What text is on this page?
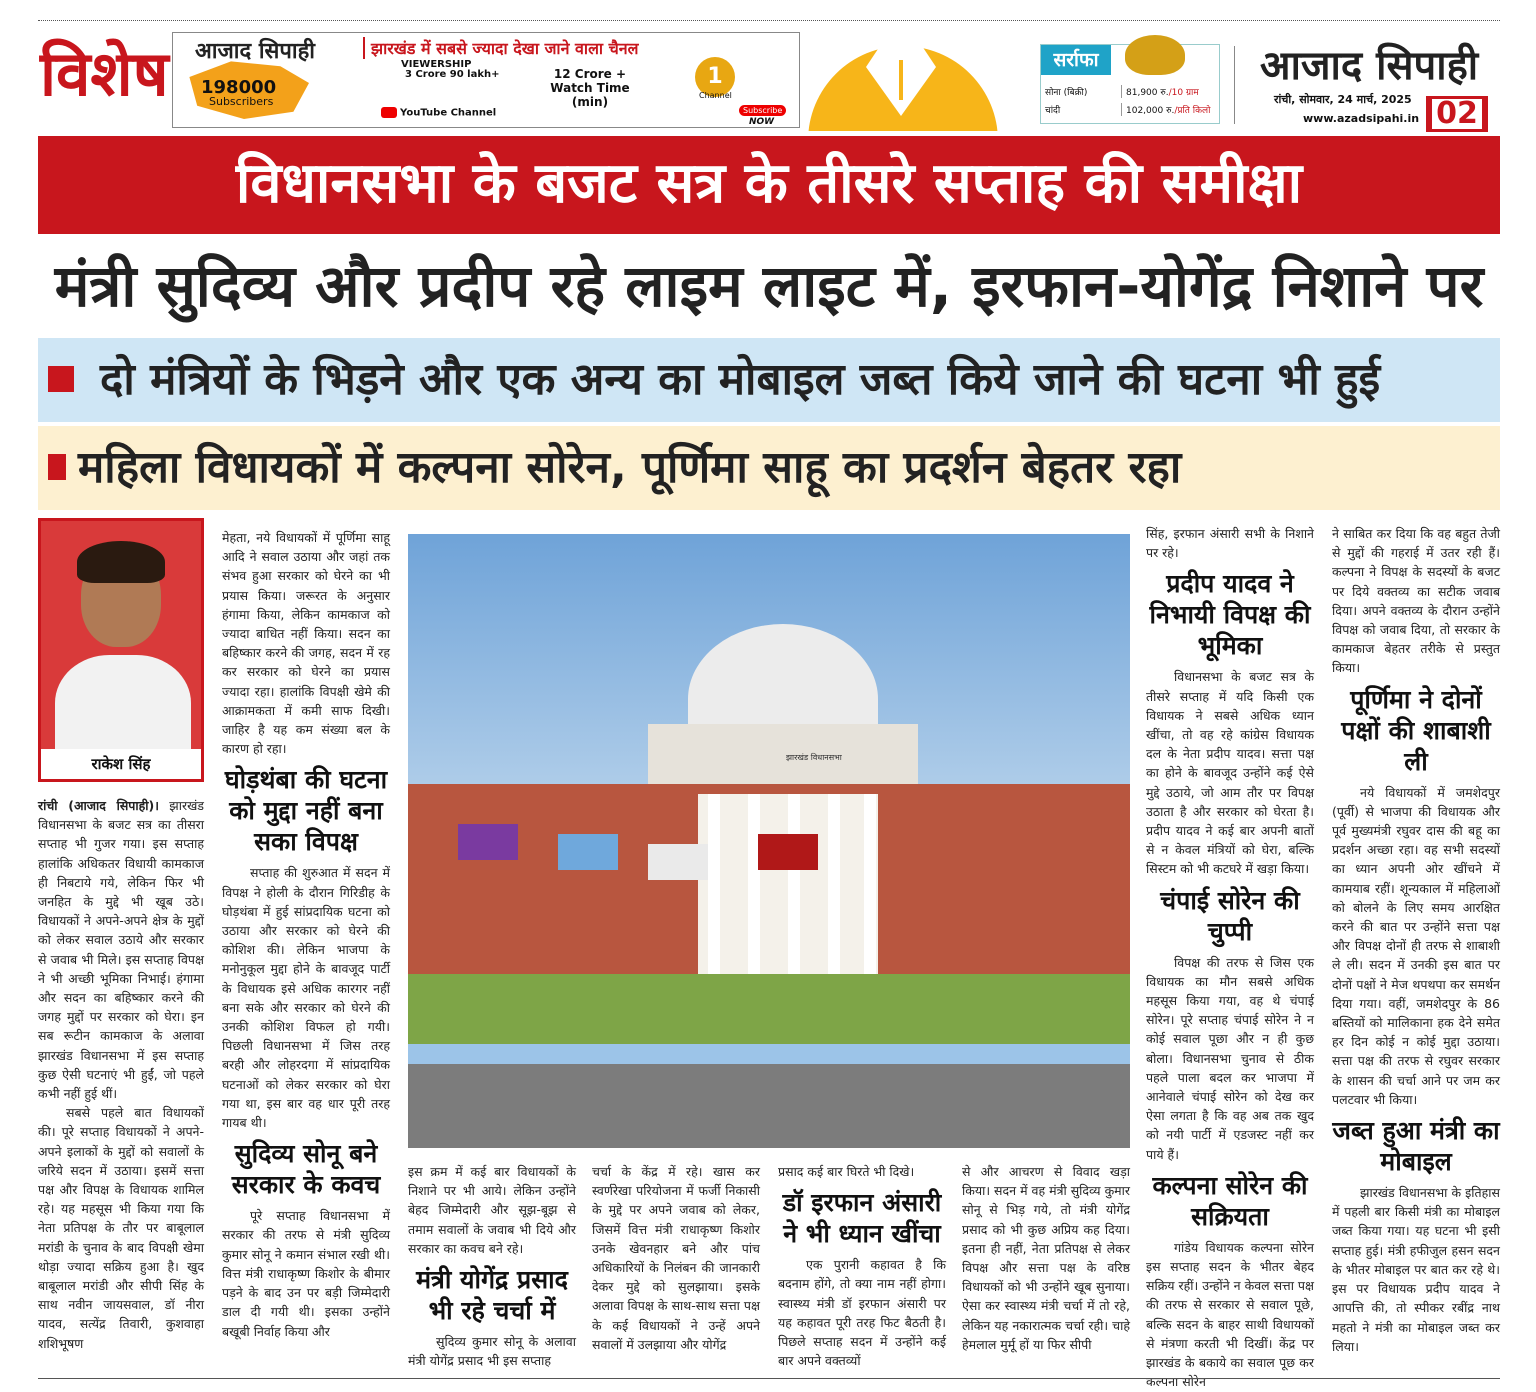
विशेष आजाद सिपाही
198000
Subscribers
झारखंड में सबसे ज्यादा देखा जाने वाला चैनल
VIEWERSHIP
3 Crore 90 lakh+	12 Crore + Watch Time (min)
YouTube Channel
1
Channel
Subscribe
NOW
सर्राफा
सोना (बिक्री)	81,900 रु./10 ग्राम
चांदी	102,000 रु./प्रति किलो
आजाद सिपाही
रांची, सोमवार, 24 मार्च, 2025
www.azadsipahi.in 02
विधानसभा के बजट सत्र के तीसरे सप्ताह की समीक्षा
मंत्री सुदिव्य और प्रदीप रहे लाइम लाइट में, इरफान-योगेंद्र निशाने पर
दो मंत्रियों के भिड़ने और एक अन्य का मोबाइल जब्त किये जाने की घटना भी हुई
महिला विधायकों में कल्पना सोरेन, पूर्णिमा साहू का प्रदर्शन बेहतर रहा
राकेश सिंह

रांची (आजाद सिपाही)। झारखंड विधानसभा के बजट सत्र का तीसरा सप्ताह भी गुजर गया। इस सप्ताह हालांकि अधिकतर विधायी कामकाज ही निबटाये गये, लेकिन फिर भी जनहित के मुद्दे भी खूब उठे। विधायकों ने अपने-अपने क्षेत्र के मुद्दों को लेकर सवाल उठाये और सरकार से जवाब भी मिले। इस सप्ताह विपक्ष ने भी अच्छी भूमिका निभाई। हंगामा और सदन का बहिष्कार करने की जगह मुद्दों पर सरकार को घेरा। इन सब रूटीन कामकाज के अलावा झारखंड विधानसभा में इस सप्ताह कुछ ऐसी घटनाएं भी हुईं, जो पहले कभी नहीं हुई थीं।

सबसे पहले बात विधायकों की। पूरे सप्ताह विधायकों ने अपने-अपने इलाकों के मुद्दों को सवालों के जरिये सदन में उठाया। इसमें सत्ता पक्ष और विपक्ष के विधायक शामिल रहे। यह महसूस भी किया गया कि नेता प्रतिपक्ष के तौर पर बाबूलाल मरांडी के चुनाव के बाद विपक्षी खेमा थोड़ा ज्यादा सक्रिय हुआ है। खुद बाबूलाल मरांडी और सीपी सिंह के साथ नवीन जायसवाल, डॉ नीरा यादव, सत्येंद्र तिवारी, कुशवाहा शशिभूषण

मेहता, नये विधायकों में पूर्णिमा साहू आदि ने सवाल उठाया और जहां तक संभव हुआ सरकार को घेरने का भी प्रयास किया। जरूरत के अनुसार हंगामा किया, लेकिन कामकाज को ज्यादा बाधित नहीं किया। सदन का बहिष्कार करने की जगह, सदन में रह कर सरकार को घेरने का प्रयास ज्यादा रहा। हालांकि विपक्षी खेमे की आक्रामकता में कमी साफ दिखी। जाहिर है यह कम संख्या बल के कारण हो रहा।

घोड़थंबा की घटना को मुद्दा नहीं बना सका विपक्ष

सप्ताह की शुरुआत में सदन में विपक्ष ने होली के दौरान गिरिडीह के घोड़थंबा में हुई सांप्रदायिक घटना को उठाया और सरकार को घेरने की कोशिश की। लेकिन भाजपा के मनोनुकूल मुद्दा होने के बावजूद पार्टी के विधायक इसे अधिक कारगर नहीं बना सके और सरकार को घेरने की उनकी कोशिश विफल हो गयी। पिछली विधानसभा में जिस तरह बरही और लोहरदगा में सांप्रदायिक घटनाओं को लेकर सरकार को घेरा गया था, इस बार वह धार पूरी तरह गायब थी।

सुदिव्य सोनू बने सरकार के कवच

पूरे सप्ताह विधानसभा में सरकार की तरफ से मंत्री सुदिव्य कुमार सोनू ने कमान संभाल रखी थी। वित्त मंत्री राधाकृष्ण किशोर के बीमार पड़ने के बाद उन पर बड़ी जिम्मेदारी डाल दी गयी थी। इसका उन्होंने बखूबी निर्वाह किया और

झारखंड विधानसभा

इस क्रम में कई बार विधायकों के निशाने पर भी आये। लेकिन उन्होंने बेहद जिम्मेदारी और सूझ-बूझ से तमाम सवालों के जवाब भी दिये और सरकार का कवच बने रहे।

मंत्री योगेंद्र प्रसाद भी रहे चर्चा में

सुदिव्य कुमार सोनू के अलावा मंत्री योगेंद्र प्रसाद भी इस सप्ताह

चर्चा के केंद्र में रहे। खास कर स्वर्णरेखा परियोजना में फर्जी निकासी के मुद्दे पर अपने जवाब को लेकर, जिसमें वित्त मंत्री राधाकृष्ण किशोर उनके खेवनहार बने और पांच अधिकारियों के निलंबन की जानकारी देकर मुद्दे को सुलझाया। इसके अलावा विपक्ष के साथ-साथ सत्ता पक्ष के कई विधायकों ने उन्हें अपने सवालों में उलझाया और योगेंद्र

प्रसाद कई बार घिरते भी दिखे।

डॉ इरफान अंसारी ने भी ध्यान खींचा

एक पुरानी कहावत है कि बदनाम होंगे, तो क्या नाम नहीं होगा। स्वास्थ्य मंत्री डॉ इरफान अंसारी पर यह कहावत पूरी तरह फिट बैठती है। पिछले सप्ताह सदन में उन्होंने कई बार अपने वक्तव्यों

से और आचरण से विवाद खड़ा किया। सदन में वह मंत्री सुदिव्य कुमार सोनू से भिड़ गये, तो मंत्री योगेंद्र प्रसाद को भी कुछ अप्रिय कह दिया। इतना ही नहीं, नेता प्रतिपक्ष से लेकर विपक्ष और सत्ता पक्ष के वरिष्ठ विधायकों को भी उन्होंने खूब सुनाया। ऐसा कर स्वास्थ्य मंत्री चर्चा में तो रहे, लेकिन यह नकारात्मक चर्चा रही। चाहे हेमलाल मुर्मू हों या फिर सीपी

सिंह, इरफान अंसारी सभी के निशाने पर रहे।

प्रदीप यादव ने निभायी विपक्ष की भूमिका

विधानसभा के बजट सत्र के तीसरे सप्ताह में यदि किसी एक विधायक ने सबसे अधिक ध्यान खींचा, तो वह रहे कांग्रेस विधायक दल के नेता प्रदीप यादव। सत्ता पक्ष का होने के बावजूद उन्होंने कई ऐसे मुद्दे उठाये, जो आम तौर पर विपक्ष उठाता है और सरकार को घेरता है। प्रदीप यादव ने कई बार अपनी बातों से न केवल मंत्रियों को घेरा, बल्कि सिस्टम को भी कटघरे में खड़ा किया।

चंपाई सोरेन की चुप्पी

विपक्ष की तरफ से जिस एक विधायक का मौन सबसे अधिक महसूस किया गया, वह थे चंपाई सोरेन। पूरे सप्ताह चंपाई सोरेन ने न कोई सवाल पूछा और न ही कुछ बोला। विधानसभा चुनाव से ठीक पहले पाला बदल कर भाजपा में आनेवाले चंपाई सोरेन को देख कर ऐसा लगता है कि वह अब तक खुद को नयी पार्टी में एडजस्ट नहीं कर पाये हैं।

कल्पना सोरेन की सक्रियता

गांडेय विधायक कल्पना सोरेन इस सप्ताह सदन के भीतर बेहद सक्रिय रहीं। उन्होंने न केवल सत्ता पक्ष की तरफ से सरकार से सवाल पूछे, बल्कि सदन के बाहर साथी विधायकों से मंत्रणा करती भी दिखीं। केंद्र पर झारखंड के बकाये का सवाल पूछ कर कल्पना सोरेन

ने साबित कर दिया कि वह बहुत तेजी से मुद्दों की गहराई में उतर रही हैं। कल्पना ने विपक्ष के सदस्यों के बजट पर दिये वक्तव्य का सटीक जवाब दिया। अपने वक्तव्य के दौरान उन्होंने विपक्ष को जवाब दिया, तो सरकार के कामकाज बेहतर तरीके से प्रस्तुत किया।

पूर्णिमा ने दोनों पक्षों की शाबाशी ली

नये विधायकों में जमशेदपुर (पूर्वी) से भाजपा की विधायक और पूर्व मुख्यमंत्री रघुवर दास की बहू का प्रदर्शन अच्छा रहा। वह सभी सदस्यों का ध्यान अपनी ओर खींचने में कामयाब रहीं। शून्यकाल में महिलाओं को बोलने के लिए समय आरक्षित करने की बात पर उन्होंने सत्ता पक्ष और विपक्ष दोनों ही तरफ से शाबाशी ले ली। सदन में उनकी इस बात पर दोनों पक्षों ने मेज थपथपा कर समर्थन दिया गया। वहीं, जमशेदपुर के 86 बस्तियों को मालिकाना हक देने समेत हर दिन कोई न कोई मुद्दा उठाया। सत्ता पक्ष की तरफ से रघुवर सरकार के शासन की चर्चा आने पर जम कर पलटवार भी किया।

जब्त हुआ मंत्री का मोबाइल

झारखंड विधानसभा के इतिहास में पहली बार किसी मंत्री का मोबाइल जब्त किया गया। यह घटना भी इसी सप्ताह हुई। मंत्री हफीजुल हसन सदन के भीतर मोबाइल पर बात कर रहे थे। इस पर विधायक प्रदीप यादव ने आपत्ति की, तो स्पीकर रबींद्र नाथ महतो ने मंत्री का मोबाइल जब्त कर लिया।
